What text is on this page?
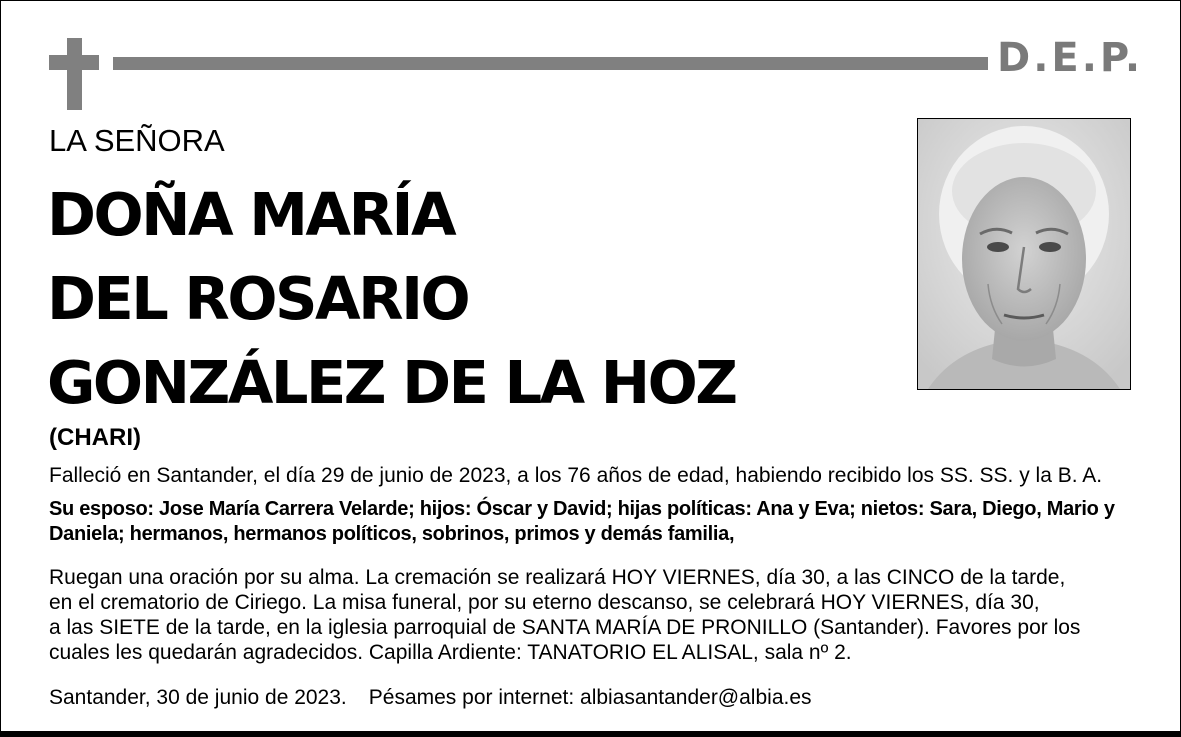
D.E.P.
LA SEÑORA
DOÑA MARÍA
DEL ROSARIO
GONZÁLEZ DE LA HOZ
(CHARI)
Falleció en Santander, el día 29 de junio de 2023, a los 76 años de edad, habiendo recibido los SS. SS. y la B. A.
Su esposo: Jose María Carrera Velarde; hijos: Óscar y David; hijas políticas: Ana y Eva; nietos: Sara, Diego, Mario y
Daniela; hermanos, hermanos políticos, sobrinos, primos y demás familia,
Ruegan una oración por su alma. La cremación se realizará HOY VIERNES, día 30, a las CINCO de la tarde,
en el crematorio de Ciriego. La misa funeral, por su eterno descanso, se celebrará HOY VIERNES, día 30,
a las SIETE de la tarde, en la iglesia parroquial de SANTA MARÍA DE PRONILLO (Santander). Favores por los
cuales les quedarán agradecidos. Capilla Ardiente: TANATORIO EL ALISAL, sala nº 2.
Santander, 30 de junio de 2023. Pésames por internet: albiasantander@albia.es
